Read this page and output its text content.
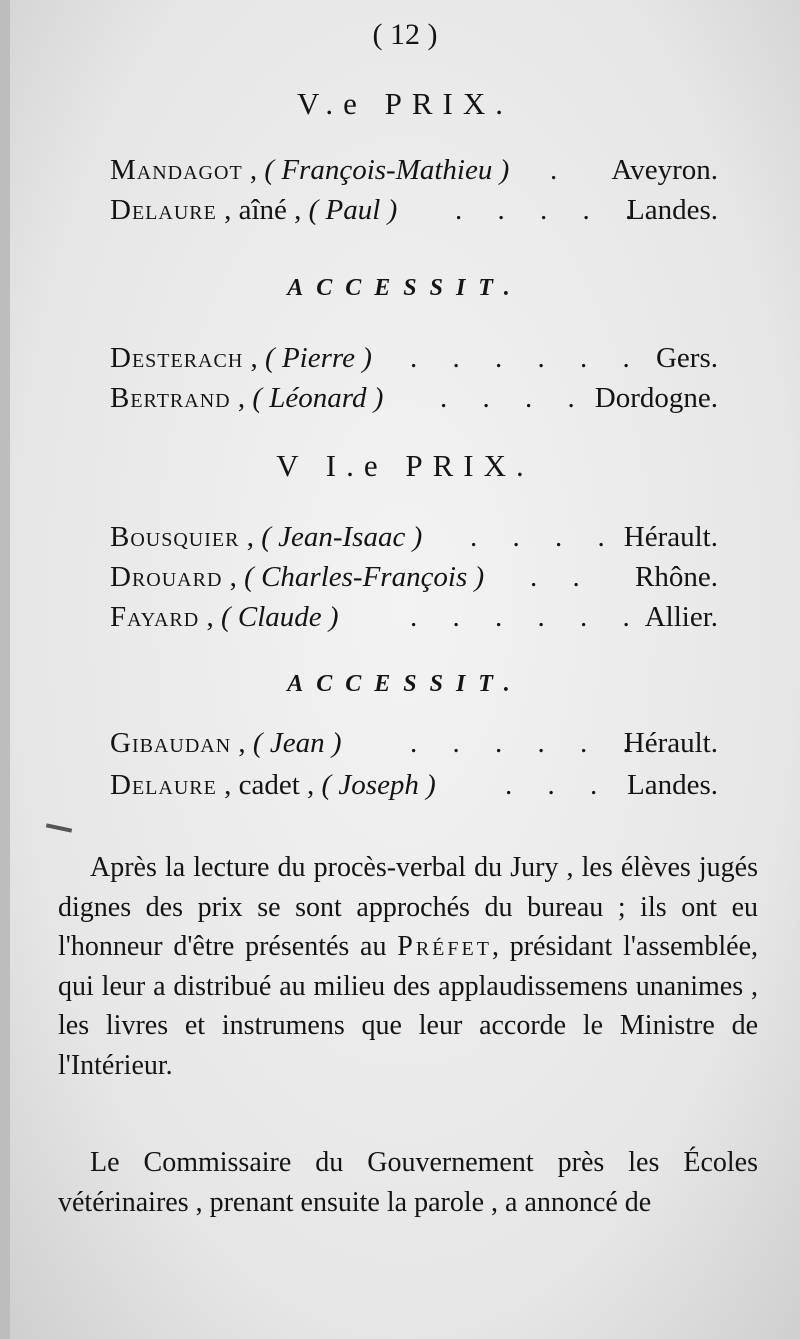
( 12 )
V.e PRIX.
Mandagot , ( François-Mathieu ) . Aveyron.
Delaure , aîné , ( Paul ) . . . . .
Landes.
ACCESSIT.
Desterach , ( Pierre ) . . . . . . Gers.
Bertrand , ( Léonard ) . . . . Dordogne.
V I.e PRIX.
Bousquier , ( Jean-Isaac ) . . . . Hérault.
Drouard , ( Charles-François ) . . Rhône.
Fayard , ( Claude ) . . . . . . Allier.
ACCESSIT.
Gibaudan , ( Jean ) . . . . . .
Hérault.
Delaure , cadet , ( Joseph ) . . . Landes.

Après la lecture du procès-verbal du Jury , les élèves jugés dignes des prix se sont approchés du bureau ; ils ont eu l'honneur d'être présentés au Préfet, présidant l'assemblée, qui leur a distribué au milieu des applaudissemens unanimes , les livres et instrumens que leur accorde le Ministre de l'Intérieur.

Le Commissaire du Gouvernement près les Écoles vétérinaires , prenant ensuite la parole , a annoncé de
